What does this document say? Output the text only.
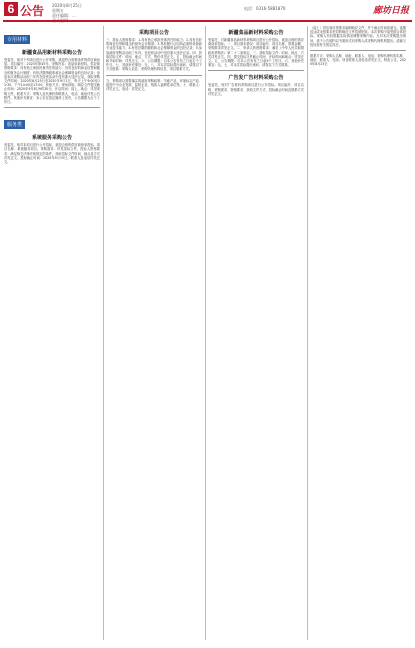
6 公告 2020年8月25日
星期五
责任编辑：…
电话：0316-5881870	廊坊日报
专用材料
新疆食品用新材料采购公告
受委托，现对下列项目进行公开采购，欢迎符合资格条件的供应商参加。项目编号：2020年第45号。采购内容：食品用新材料。供应商资格要求：具有独立承担民事责任的能力；具有良好的商业信誉和健全的财务会计制度；有依法缴纳税收和社会保障资金的良好记录；参加本次采购活动前三年内在经营活动中没有重大违法记录。获取采购文件时间：2020年8月25日至2020年9月1日，每天上午9:00至11:30，下午14:00至17:00。获取方式：现场获取。响应文件提交截止时间：2020年9月8日9时30分。开启时间：同上。地点：详见采购文件。联系方式：采购人及代理机构联系人、电话、地址详见公告附件。其他补充事宜：本公告在指定媒体上发布，公告期限为五个工作日。
服务类
系统服务采购公告
受委托，现对本项目进行公开招标，欢迎合格的供应商前来投标。项目名称：系统服务项目。采购需求：详见招标文件。投标人资格要求：满足相关法律法规规定的条件。获取招标文件时间、地点及方式详见正文。投标截止时间：2020年9月15日。联系人及电话详见正文。
采购项目公告
三、投标人资格要求：1.具有独立承担民事责任的能力；2.具有良好的商业信誉和健全的财务会计制度；3.具有履行合同所必需的设备和专业技术能力；4.有依法缴纳税收和社会保障资金的良好记录；5.参加政府采购活动前三年内，在经营活动中没有重大违法记录。四、获取招标文件：时间、地点、方式、售价详见正文。五、投标截止时间和开标时间：详见正文。六、公告期限：自本公告发布之日起五个工作日。七、其他补充事宜：无。八、对本次招标提出询问，请按以下方式联系：采购人信息、采购代理机构信息、项目联系方式。
九、采购项目需要落实的政府采购政策：节能产品、环境标志产品、促进中小企业发展、监狱企业、残疾人福利性单位等。十、联系人：详见正文。电话：详见正文。
新疆食品新材料采购公告
受委托，对新疆食品新材料采购项目进行公开招标，欢迎合格的供应商前来投标。一、项目基本情况：项目编号、项目名称、预算金额、采购需求详见正文。二、申请人的资格要求：满足《中华人民共和国政府采购法》第二十二条规定。三、获取招标文件：时间、地点、方式详见正文。四、提交投标文件截止时间、开标时间和地点：详见正文。五、公告期限：自本公告发布之日起5个工作日。六、其他补充事宜：无。七、对本次招标提出询问，请按以下方式联系。
广告发广告材料采购公告
受委托，现对广告材料采购项目进行公开招标。项目编号、项目名称、采购需求、资格要求、获取文件方式、投标截止时间及联系方式详见正文。
（接上）供应商应按要求编制响应文件，并于截止时间前递交。逾期送达或未按要求密封的响应文件将被拒收。本次采购不接受联合体投标。采购人有权根据实际情况调整采购内容。凡对本次采购提出询问，请于公告期内以书面形式向采购人或采购代理机构提出。质疑与投诉按有关规定执行。
联系方式：采购人名称、地址、联系人、电话；采购代理机构名称、地址、联系人、电话；项目联系人及电话详见正文。特此公告。2020年8月25日
